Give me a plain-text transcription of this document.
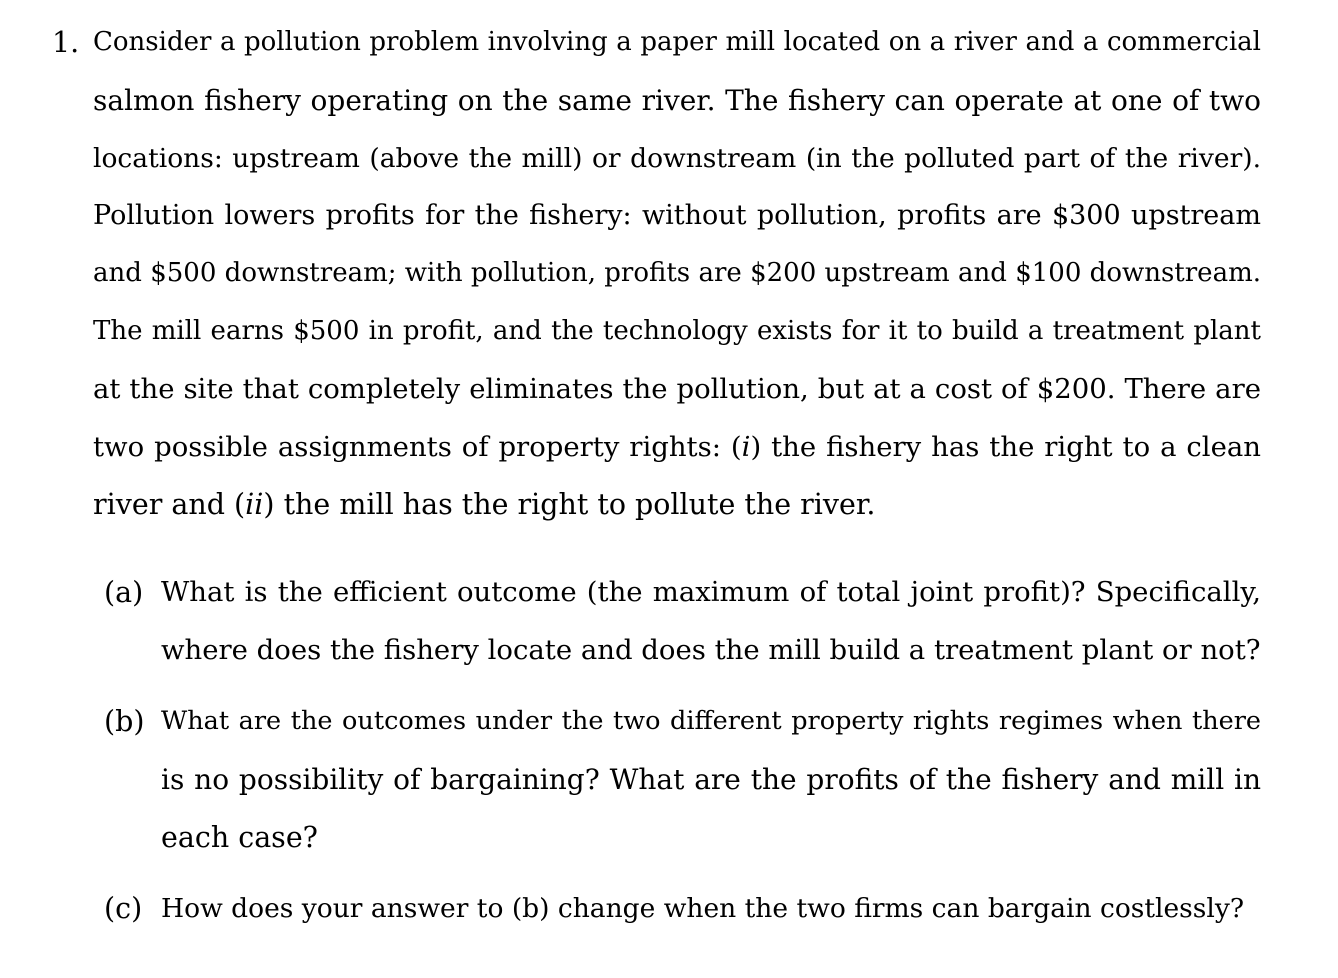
1. Consider a pollution problem involving a paper mill located on a river and a commercial
salmon fishery operating on the same river. The fishery can operate at one of two
locations: upstream (above the mill) or downstream (in the polluted part of the river).
Pollution lowers profits for the fishery: without pollution, profits are $300 upstream
and $500 downstream; with pollution, profits are $200 upstream and $100 downstream.
The mill earns $500 in profit, and the technology exists for it to build a treatment plant
at the site that completely eliminates the pollution, but at a cost of $200. There are
two possible assignments of property rights: (i) the fishery has the right to a clean
river and (ii) the mill has the right to pollute the river.
(a) What is the efficient outcome (the maximum of total joint profit)? Specifically,
where does the fishery locate and does the mill build a treatment plant or not?
(b) What are the outcomes under the two different property rights regimes when there
is no possibility of bargaining? What are the profits of the fishery and mill in
each case?
(c) How does your answer to (b) change when the two firms can bargain costlessly?
